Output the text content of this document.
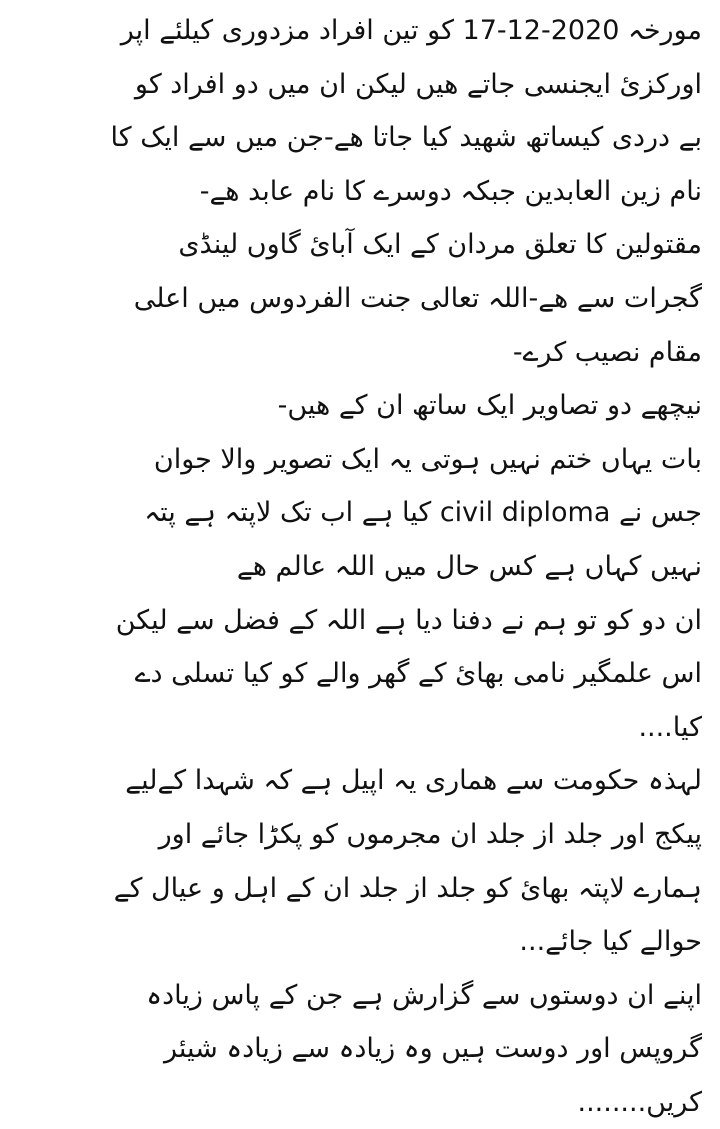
مورخہ 2020-12-17 کو تین افراد مزدوری کیلئے اپر
اورکزئ ایجنسی جاتے ھیں لیکن ان میں دو افراد کو
بے دردی کیساتھ شھید کیا جاتا ھے-جن میں سے ایک کا
نام زین العابدین جبکہ دوسرے کا نام عابد ھے-
مقتولین کا تعلق مردان کے ایک آبائ گاوں لینڈی
گجرات سے ھے-اللہ تعالی جنت الفردوس میں اعلی
مقام نصیب کرے-
نیچھے دو تصاویر ایک ساتھ ان کے ھیں-
بات یہاں ختم نہیں ہوتی یہ ایک تصویر والا جوان
جس نے civil diploma کیا ہے اب تک لاپتہ ہے پتہ
نہیں کہاں ہے کس حال میں اللہ عالم ھے
ان دو کو تو ہم نے دفنا دیا ہے اللہ کے فضل سے لیکن
اس علمگیر نامی بھائ کے گھر والے کو کیا تسلی دے
کیا....
لہذہ حکومت سے ھماری یہ اپیل ہے کہ شہدا کےلیے
پیکج اور جلد از جلد ان مجرموں کو پکڑا جائے اور
ہمارے لاپتہ بھائ کو جلد از جلد ان کے اہل و عیال کے
حوالے کیا جائے...
اپنے ان دوستوں سے گزارش ہے جن کے پاس زیادہ
گروپس اور دوست ہیں وہ زیادہ سے زیادہ شیئر
کریں........
